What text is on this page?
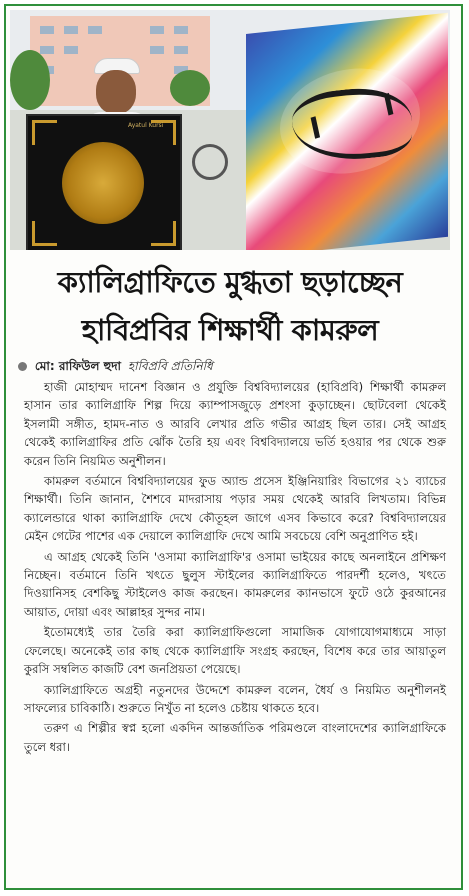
Ayatul Kursi
ক্যালিগ্রাফিতে মুগ্ধতা ছড়াচ্ছেন
হাবিপ্রবির শিক্ষার্থী কামরুল
মো: রাফিউল হুদা হাবিপ্রবি প্রতিনিধি

হাজী মোহাম্মদ দানেশ বিজ্ঞান ও প্রযুক্তি বিশ্ববিদ্যালয়ের (হাবিপ্রবি) শিক্ষার্থী কামরুল হাসান তার ক্যালিগ্রাফি শিল্প দিয়ে ক্যাম্পাসজুড়ে প্রশংসা কুড়াচ্ছেন। ছোটবেলা থেকেই ইসলামী সঙ্গীত, হামদ-নাত ও আরবি লেখার প্রতি গভীর আগ্রহ ছিল তার। সেই আগ্রহ থেকেই ক্যালিগ্রাফির প্রতি ঝোঁক তৈরি হয় এবং বিশ্ববিদ্যালয়ে ভর্তি হওয়ার পর থেকে শুরু করেন তিনি নিয়মিত অনুশীলন।

কামরুল বর্তমানে বিশ্ববিদ্যালয়ের ফুড অ্যান্ড প্রসেস ইঞ্জিনিয়ারিং বিভাগের ২১ ব্যাচের শিক্ষার্থী। তিনি জানান, শৈশবে মাদরাসায় পড়ার সময় থেকেই আরবি লিখতাম। বিভিন্ন ক্যালেন্ডারে থাকা ক্যালিগ্রাফি দেখে কৌতূহল জাগে এসব কিভাবে করে? বিশ্ববিদ্যালয়ের মেইন গেটের পাশের এক দেয়ালে ক্যালিগ্রাফি দেখে আমি সবচেয়ে বেশি অনুপ্রাণিত হই।

এ আগ্রহ থেকেই তিনি 'ওসামা ক্যালিগ্রাফি'র ওসামা ভাইয়ের কাছে অনলাইনে প্রশিক্ষণ নিচ্ছেন। বর্তমানে তিনি খৎতে ছুলুস স্টাইলের ক্যালিগ্রাফিতে পারদর্শী হলেও, খৎতে দিওয়ানিসহ বেশকিছু স্টাইলেও কাজ করছেন। কামরুলের ক্যানভাসে ফুটে ওঠে কুরআনের আয়াত, দোয়া এবং আল্লাহর সুন্দর নাম।

ইতোমধ্যেই তার তৈরি করা ক্যালিগ্রাফিগুলো সামাজিক যোগাযোগমাধ্যমে সাড়া ফেলেছে। অনেকেই তার কাছ থেকে ক্যালিগ্রাফি সংগ্রহ করছেন, বিশেষ করে তার আয়াতুল কুরসি সম্বলিত কাজটি বেশ জনপ্রিয়তা পেয়েছে।

ক্যালিগ্রাফিতে অগ্রহী নতুনদের উদ্দেশে কামরুল বলেন, ধৈর্য ও নিয়মিত অনুশীলনই সাফল্যের চাবিকাঠি। শুরুতে নিখুঁত না হলেও চেষ্টায় থাকতে হবে।

তরুণ এ শিল্পীর স্বপ্ন হলো একদিন আন্তর্জাতিক পরিমণ্ডলে বাংলাদেশের ক্যালিগ্রাফিকে তুলে ধরা।
